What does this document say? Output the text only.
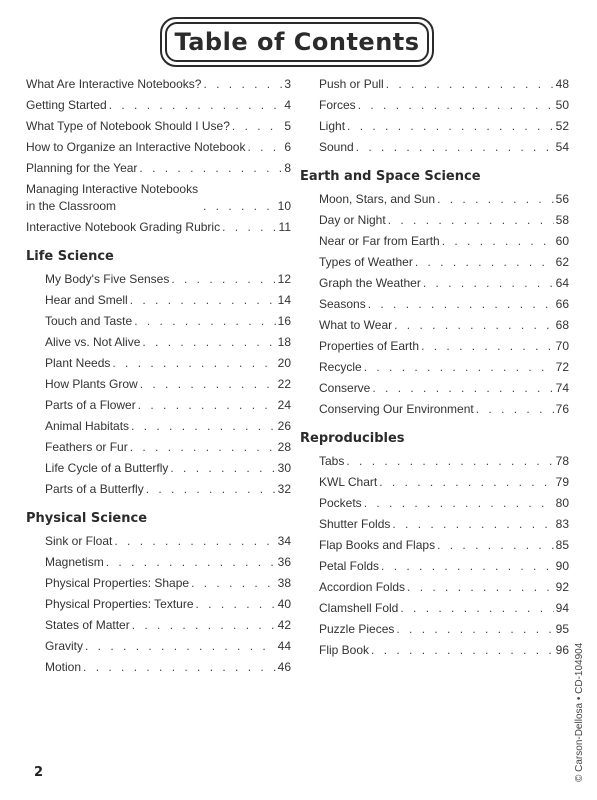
Table of Contents
What Are Interactive Notebooks? . . .	3
Getting Started . . .	4
What Type of Notebook Should I Use? . . .	5
How to Organize an Interactive Notebook . . .	6
Planning for the Year . . .	8
Managing Interactive Notebooks in the Classroom . . .	10
Interactive Notebook Grading Rubric . . .	11
Life Science
My Body's Five Senses . . .	12
Hear and Smell . . .	14
Touch and Taste . . .	16
Alive vs. Not Alive . . .	18
Plant Needs . . .	20
How Plants Grow . . .	22
Parts of a Flower . . .	24
Animal Habitats . . .	26
Feathers or Fur . . .	28
Life Cycle of a Butterfly . . .	30
Parts of a Butterfly . . .	32
Physical Science
Sink or Float . . .	34
Magnetism . . .	36
Physical Properties: Shape . . .	38
Physical Properties: Texture . . .	40
States of Matter . . .	42
Gravity . . .	44
Motion . . .	46
Push or Pull . . .	48
Forces . . .	50
Light . . .	52
Sound . . .	54
Earth and Space Science
Moon, Stars, and Sun . . .	56
Day or Night . . .	58
Near or Far from Earth . . .	60
Types of Weather . . .	62
Graph the Weather . . .	64
Seasons . . .	66
What to Wear . . .	68
Properties of Earth . . .	70
Recycle . . .	72
Conserve . . .	74
Conserving Our Environment . . .	76
Reproducibles
Tabs . . .	78
KWL Chart . . .	79
Pockets . . .	80
Shutter Folds . . .	83
Flap Books and Flaps . . .	85
Petal Folds . . .	90
Accordion Folds . . .	92
Clamshell Fold . . .	94
Puzzle Pieces . . .	95
Flip Book . . .	96
2	© Carson-Dellosa • CD-104904
